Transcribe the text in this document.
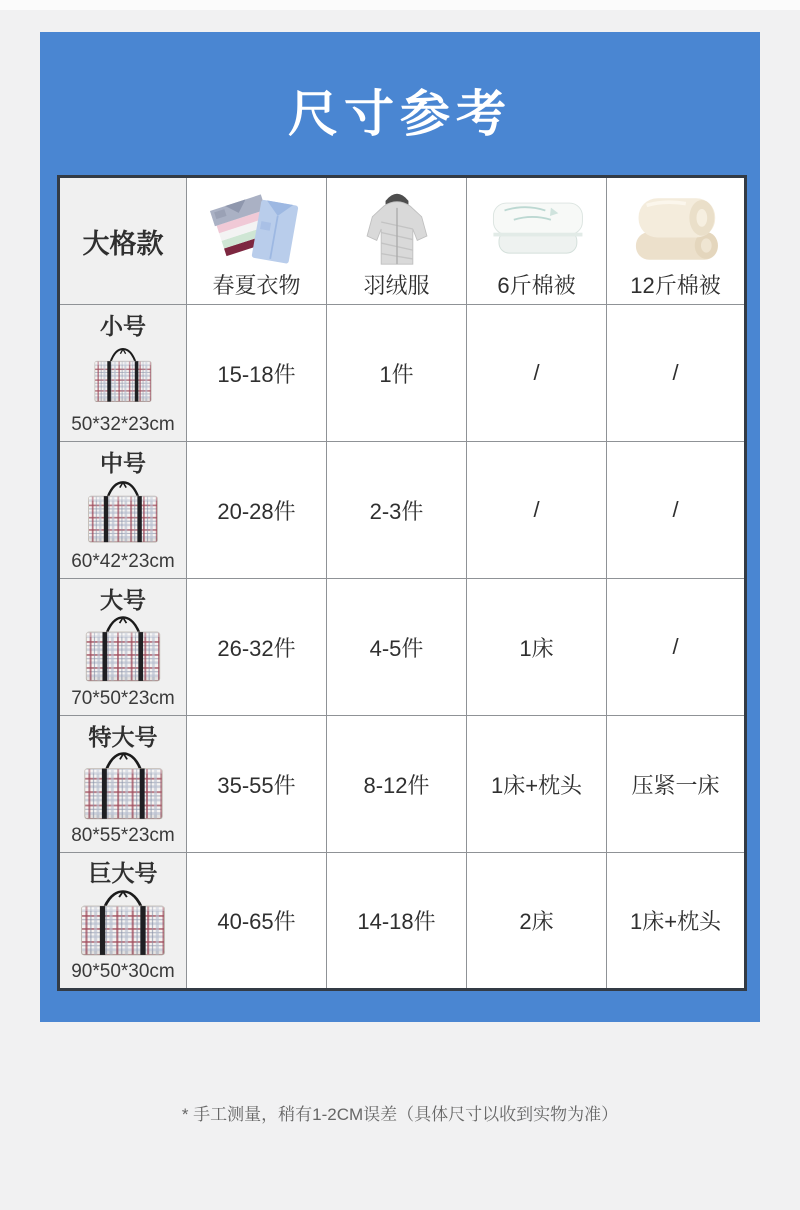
尺寸参考
大格款	春夏衣物	羽绒服	6斤棉被	12斤棉被

小号
50*32*23cm	15-18件	1件	/	/

中号
60*42*23cm	20-28件	2-3件	/	/

大号
70*50*23cm	26-32件	4-5件	1床	/

特大号
80*55*23cm	35-55件	8-12件	1床+枕头	压紧一床

巨大号
90*50*30cm	40-65件	14-18件	2床	1床+枕头
* 手工测量，稍有1-2CM误差（具体尺寸以收到实物为准）
